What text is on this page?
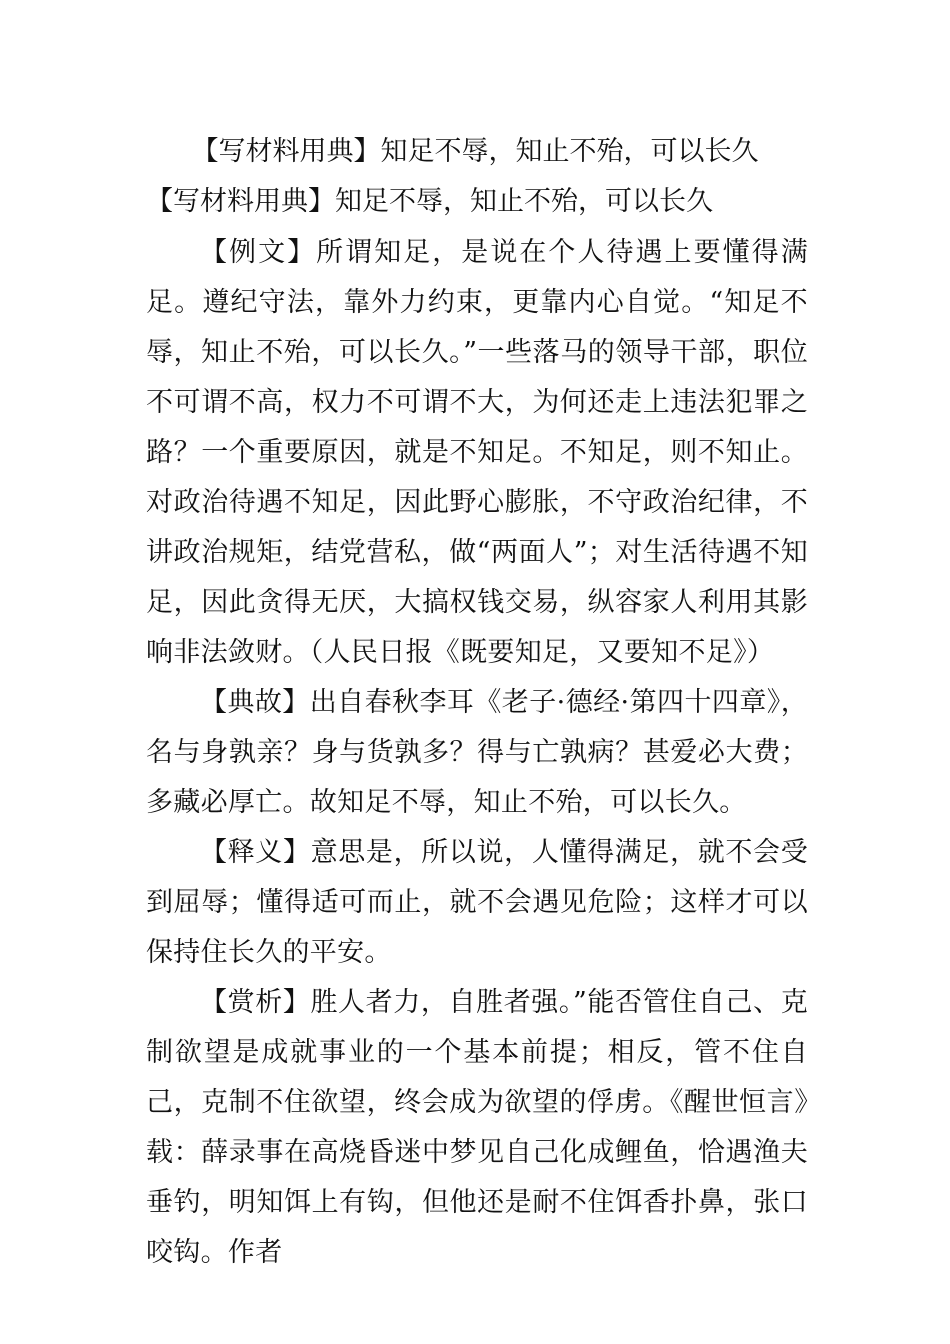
【写材料用典】知足不辱，知止不殆，可以长久
【写材料用典】知足不辱，知止不殆，可以长久

【例文】所谓知足，是说在个人待遇上要懂得满足。遵纪守法，靠外力约束，更靠内心自觉。“知足不辱，知止不殆，可以长久。”一些落马的领导干部，职位不可谓不高，权力不可谓不大，为何还走上违法犯罪之路？一个重要原因，就是不知足。不知足，则不知止。对政治待遇不知足，因此野心膨胀，不守政治纪律，不讲政治规矩，结党营私，做“两面人”；对生活待遇不知足，因此贪得无厌，大搞权钱交易，纵容家人利用其影响非法敛财。（人民日报《既要知足，又要知不足》）

【典故】出自春秋李耳《老子·德经·第四十四章》，名与身孰亲？身与货孰多？得与亡孰病？甚爱必大费；多藏必厚亡。故知足不辱，知止不殆，可以长久。

【释义】意思是，所以说，人懂得满足，就不会受到屈辱；懂得适可而止，就不会遇见危险；这样才可以保持住长久的平安。

【赏析】胜人者力，自胜者强。”能否管住自己、克制欲望是成就事业的一个基本前提；相反，管不住自己，克制不住欲望，终会成为欲望的俘虏。《醒世恒言》载：薛录事在高烧昏迷中梦见自己化成鲤鱼，恰遇渔夫垂钓，明知饵上有钩，但他还是耐不住饵香扑鼻，张口咬钩。作者
